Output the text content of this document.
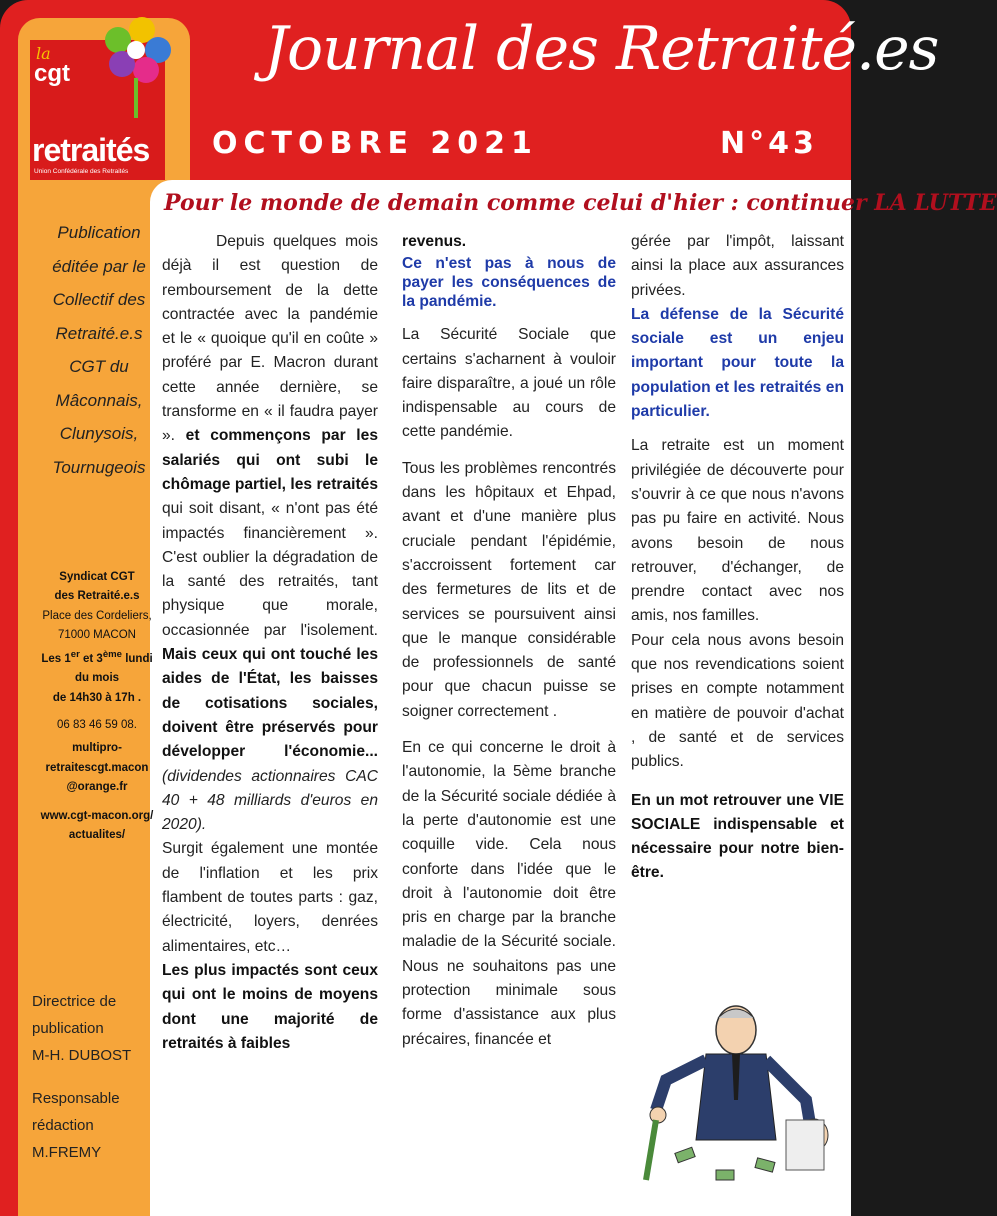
la
cgt
retraités
Union Confédérale des Retraités
Journal des Retraité.es
OCTOBRE 2021	N°43
Pour le monde de demain comme celui d'hier : continuer LA LUTTE
Publication
éditée par le
Collectif des
Retraité.e.s
CGT du
Mâconnais,
Clunysois,
Tournugeois
Syndicat CGT
des Retraité.e.s
Place des Cordeliers,
71000 MACON
Les 1er et 3ème lundi
du mois
de 14h30 à 17h .
06 83 46 59 08.
multipro-
retraitescgt.macon
@orange.fr
www.cgt-macon.org/
actualites/
Directrice de
publication
M-H. DUBOST
Responsable
rédaction
M.FREMY

Depuis quelques mois déjà il est question de remboursement de la dette contractée avec la pandémie et le « quoique qu'il en coûte » proféré par E. Macron durant cette année dernière, se transforme en « il faudra payer ». et commençons par les salariés qui ont subi le chômage partiel, les retraités qui soit disant, « n'ont pas été impactés financièrement ». C'est oublier la dégradation de la santé des retraités, tant physique que morale, occasionnée par l'isolement. Mais ceux qui ont touché les aides de l'État, les baisses de cotisations sociales, doivent être préservés pour développer l'économie... (dividendes actionnaires CAC 40 + 48 milliards d'euros en 2020).

Surgit également une montée de l'inflation et les prix flambent de toutes parts : gaz, électricité, loyers, denrées alimentaires, etc…

Les plus impactés sont ceux qui ont le moins de moyens dont une majorité de retraités à faibles

revenus.

Ce n'est pas à nous de payer les conséquences de la pandémie.

La Sécurité Sociale que certains s'acharnent à vouloir faire disparaître, a joué un rôle indispensable au cours de cette pandémie.

Tous les problèmes rencontrés dans les hôpitaux et Ehpad, avant et d'une manière plus cruciale pendant l'épidémie, s'accroissent fortement car des fermetures de lits et de services se poursuivent ainsi que le manque considérable de professionnels de santé pour que chacun puisse se soigner correctement .

En ce qui concerne le droit à l'autonomie, la 5ème branche de la Sécurité sociale dédiée à la perte d'autonomie est une coquille vide. Cela nous conforte dans l'idée que le droit à l'autonomie doit être pris en charge par la branche maladie de la Sécurité sociale. Nous ne souhaitons pas une protection minimale sous forme d'assistance aux plus précaires, financée et

gérée par l'impôt, laissant ainsi la place aux assurances privées.

La défense de la Sécurité sociale est un enjeu important pour toute la population et les retraités en particulier.

La retraite est un moment privilégiée de découverte pour s'ouvrir à ce que nous n'avons pas pu faire en activité. Nous avons besoin de nous retrouver, d'échanger, de prendre contact avec nos amis, nos familles.

Pour cela nous avons besoin que nos revendications soient prises en compte notamment en matière de pouvoir d'achat , de santé et de services publics.

En un mot retrouver une VIE SOCIALE indispensable et nécessaire pour notre bien-être.
